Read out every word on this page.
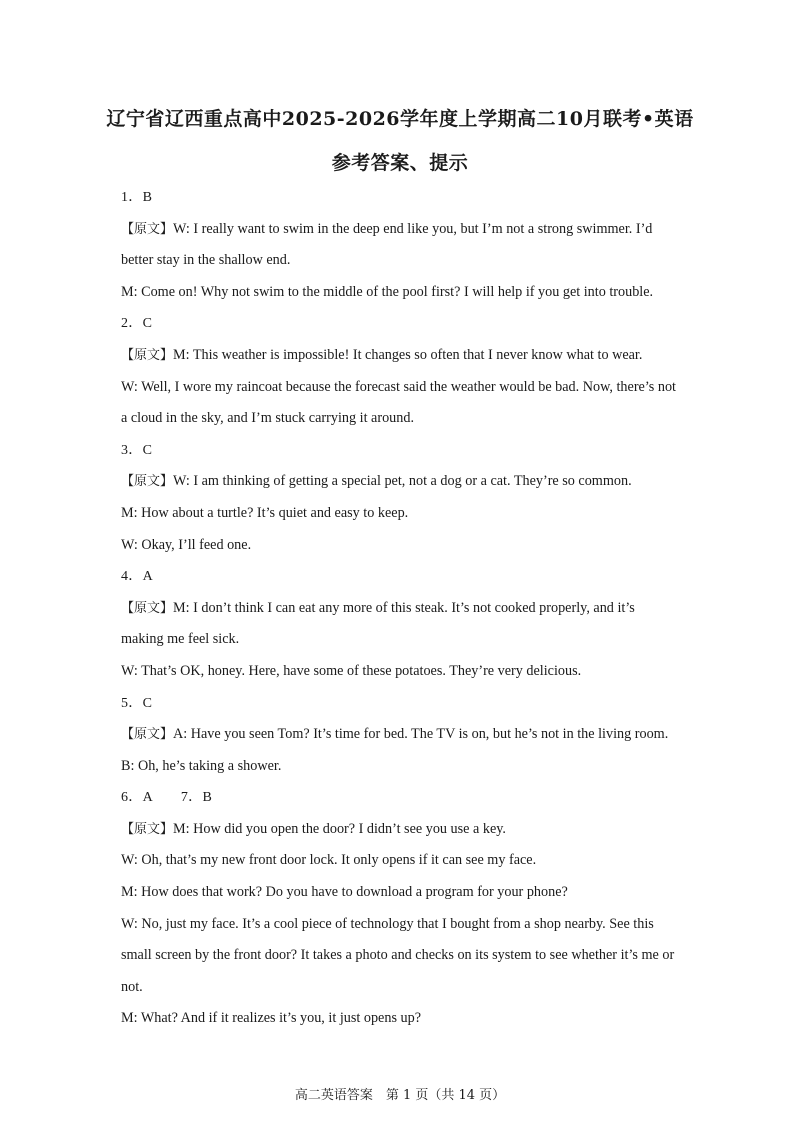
辽宁省辽西重点高中2025-2026学年度上学期高二10月联考•英语
参考答案、提示
1．B
【原文】W: I really want to swim in the deep end like you, but I’m not a strong swimmer. I’d
better stay in the shallow end.
M: Come on! Why not swim to the middle of the pool first? I will help if you get into trouble.
2．C
【原文】M: This weather is impossible! It changes so often that I never know what to wear.
W: Well, I wore my raincoat because the forecast said the weather would be bad. Now, there’s not
a cloud in the sky, and I’m stuck carrying it around.
3．C
【原文】W: I am thinking of getting a special pet, not a dog or a cat. They’re so common.
M: How about a turtle? It’s quiet and easy to keep.
W: Okay, I’ll feed one.
4．A
【原文】M: I don’t think I can eat any more of this steak. It’s not cooked properly, and it’s
making me feel sick.
W: That’s OK, honey. Here, have some of these potatoes. They’re very delicious.
5．C
【原文】A: Have you seen Tom? It’s time for bed. The TV is on, but he’s not in the living room.
B: Oh, he’s taking a shower.
6．A　　7．B
【原文】M: How did you open the door? I didn’t see you use a key.
W: Oh, that’s my new front door lock. It only opens if it can see my face.
M: How does that work? Do you have to download a program for your phone?
W: No, just my face. It’s a cool piece of technology that I bought from a shop nearby. See this
small screen by the front door? It takes a photo and checks on its system to see whether it’s me or
not.
M: What? And if it realizes it’s you, it just opens up?
高二英语答案　第 1 页（共 14 页）
